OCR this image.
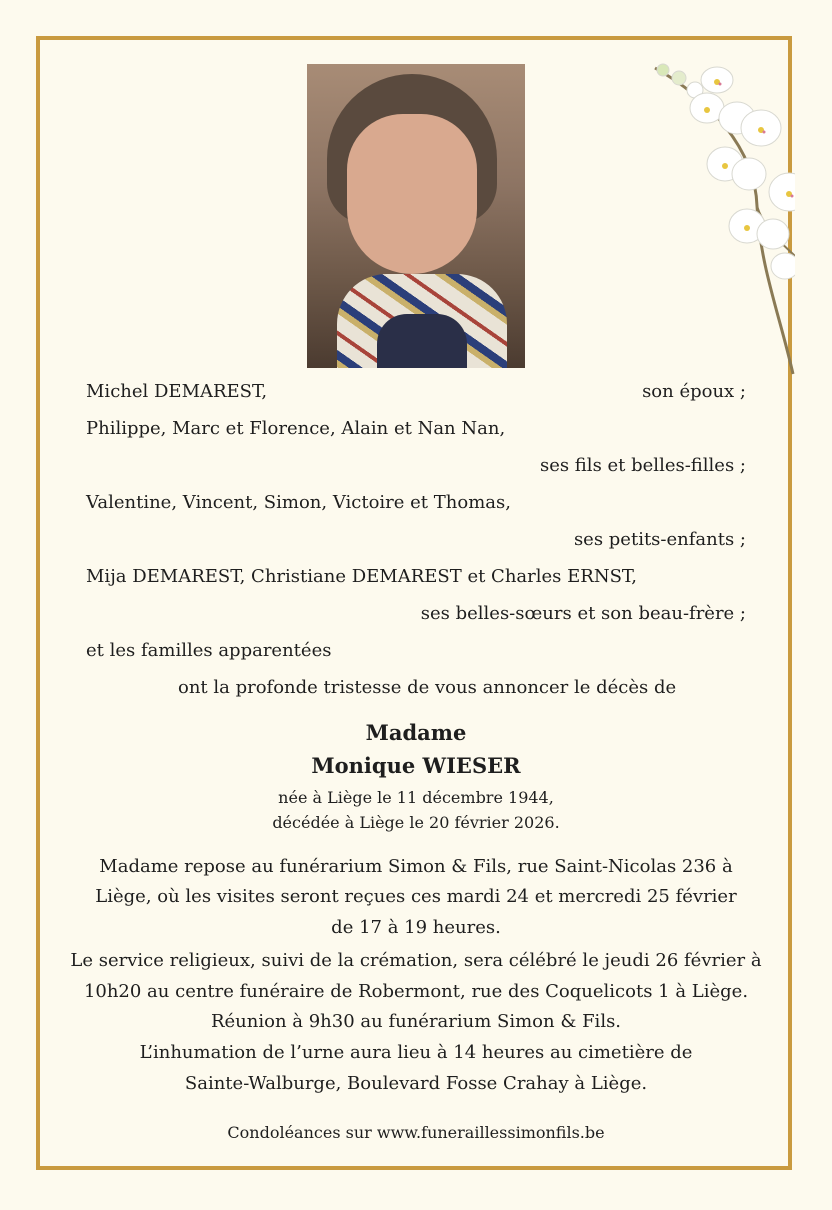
Michel DEMAREST,	son époux ;

Philippe, Marc et Florence, Alain et Nan Nan,

ses fils et belles-filles ;

Valentine, Vincent, Simon, Victoire et Thomas,

ses petits-enfants ;

Mija DEMAREST, Christiane DEMAREST et Charles ERNST,

ses belles-sœurs et son beau-frère ;

et les familles apparentées

ont la profonde tristesse de vous annoncer le décès de

Madame

Monique WIESER

née à Liège le 11 décembre 1944,

décédée à Liège le 20 février 2026.

Madame repose au funérarium Simon & Fils, rue Saint-Nicolas 236 à

Liège, où les visites seront reçues ces mardi 24 et mercredi 25 février

de 17 à 19 heures.

Le service religieux, suivi de la crémation, sera célébré le jeudi 26 février à

10h20 au centre funéraire de Robermont, rue des Coquelicots 1 à Liège.

Réunion à 9h30 au funérarium Simon & Fils.

L’inhumation de l’urne aura lieu à 14 heures au cimetière de

Sainte-Walburge, Boulevard Fosse Crahay à Liège.

Condoléances sur www.funeraillessimonfils.be
